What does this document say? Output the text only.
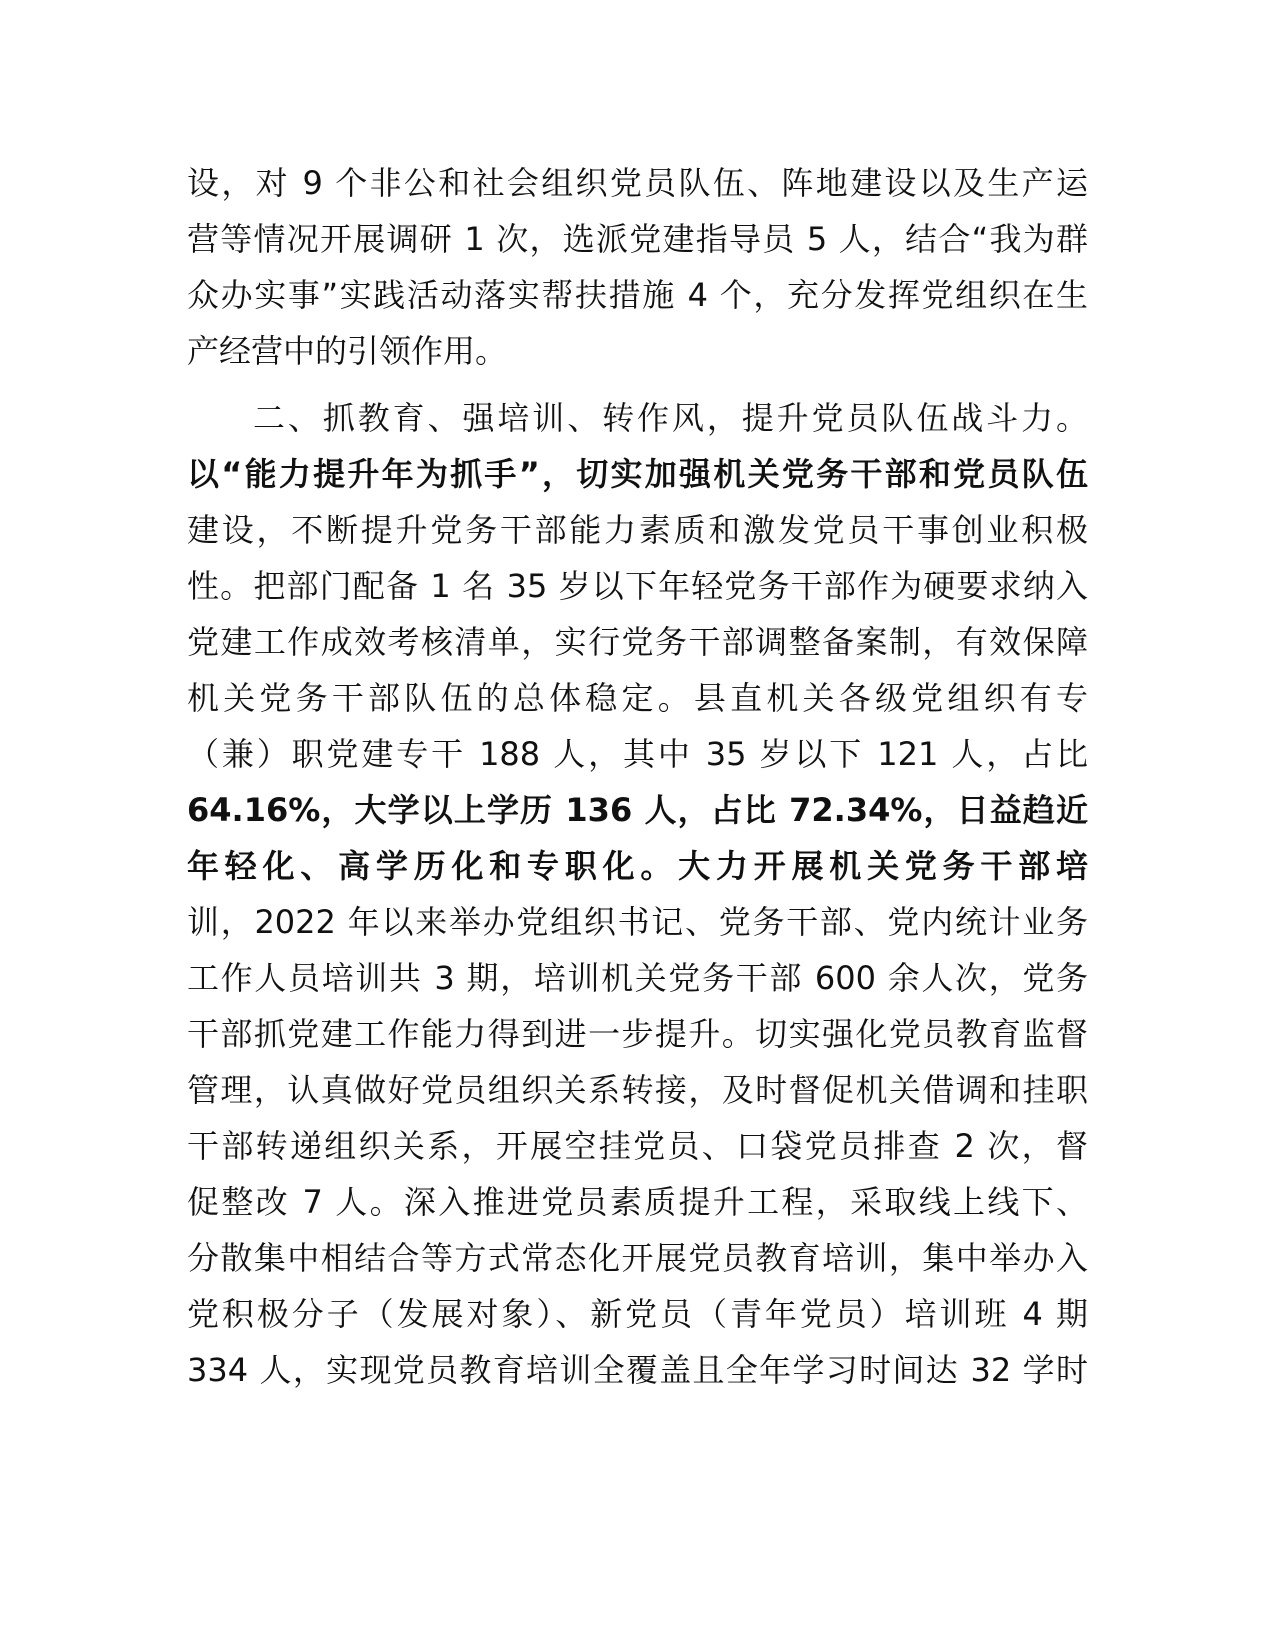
设，对 9 个非公和社会组织党员队伍、阵地建设以及生产运
营等情况开展调研 1 次，选派党建指导员 5 人，结合“我为群
众办实事”实践活动落实帮扶措施 4 个，充分发挥党组织在生
产经营中的引领作用。
二、抓教育、强培训、转作风，提升党员队伍战斗力。
以“能力提升年为抓手”，切实加强机关党务干部和党员队伍
建设，不断提升党务干部能力素质和激发党员干事创业积极
性。把部门配备 1 名 35 岁以下年轻党务干部作为硬要求纳入
党建工作成效考核清单，实行党务干部调整备案制，有效保障
机关党务干部队伍的总体稳定。县直机关各级党组织有专
（兼）职党建专干 188 人，其中 35 岁以下 121 人，占比
64.16%，大学以上学历 136 人，占比 72.34%，日益趋近
年轻化、高学历化和专职化。大力开展机关党务干部培
训，2022 年以来举办党组织书记、党务干部、党内统计业务
工作人员培训共 3 期，培训机关党务干部 600 余人次，党务
干部抓党建工作能力得到进一步提升。切实强化党员教育监督
管理，认真做好党员组织关系转接，及时督促机关借调和挂职
干部转递组织关系，开展空挂党员、口袋党员排查 2 次，督
促整改 7 人。深入推进党员素质提升工程，采取线上线下、
分散集中相结合等方式常态化开展党员教育培训，集中举办入
党积极分子（发展对象）、新党员（青年党员）培训班 4 期
334 人，实现党员教育培训全覆盖且全年学习时间达 32 学时
